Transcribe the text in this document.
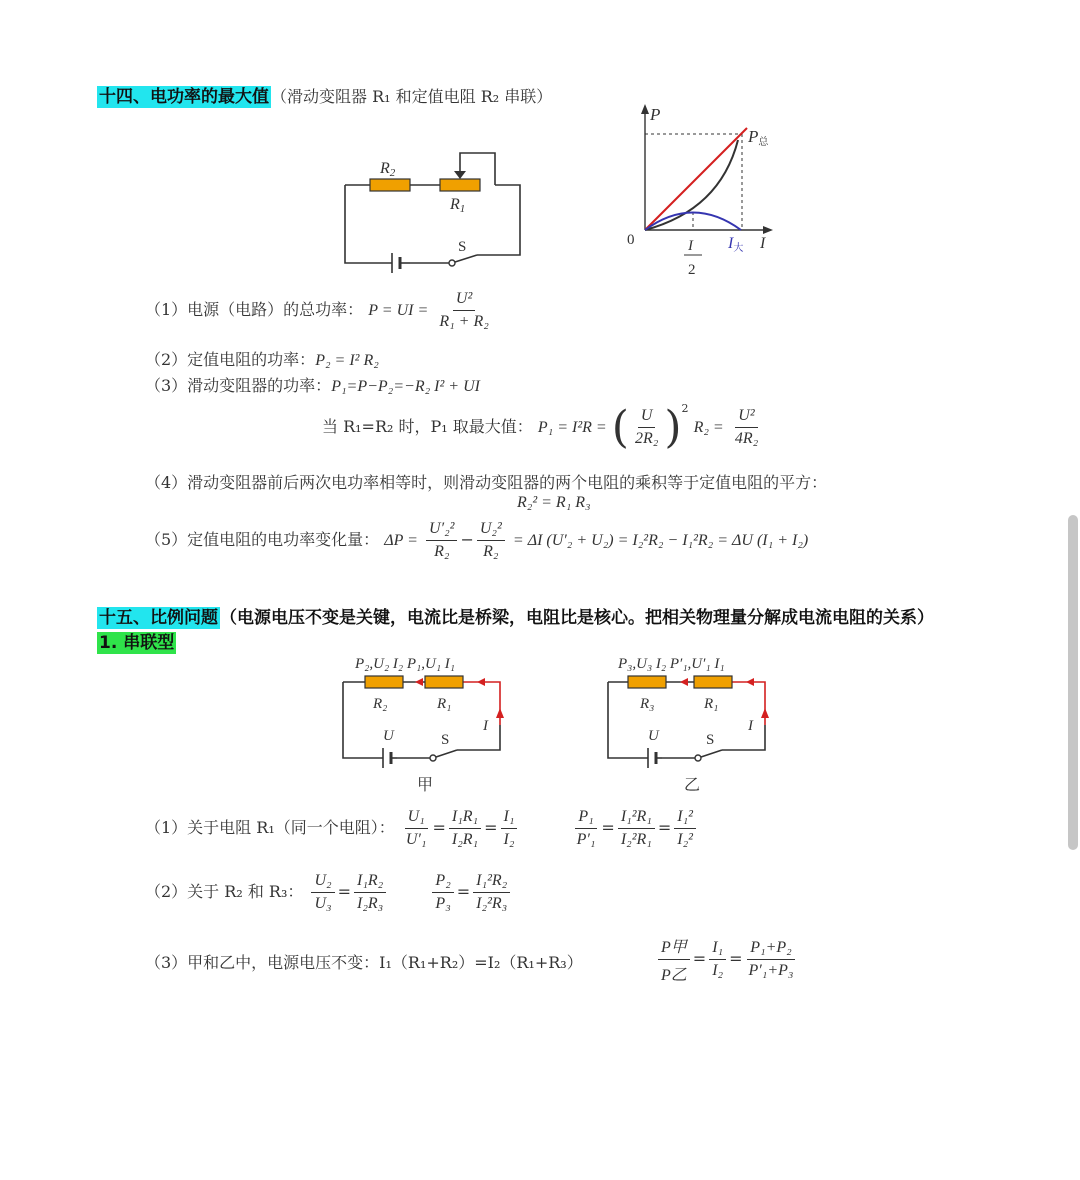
十四、电功率的最大值 （滑动变阻器 R₁ 和定值电阻 R₂ 串联）
R2
R1
S
P
P总
0	I
2
I大 I
（1）电源（电路）的总功率： P = UI = $\frac{\text{U²}}{\text{R₁ + R₂}}$
（2）定值电阻的功率：P₂ = I² R₂
（3）滑动变阻器的功率：P₁=P−P₂=−R₂ I² + UI
当 R₁=R₂ 时，P₁ 取最大值： P₁ = I²R = ( $\frac{U}{\text{2R₂}} )^2$ $R_2 = \frac{\text{U²}}{\text{4R₂}}$
（4）滑动变阻器前后两次电功率相等时，则滑动变阻器的两个电阻的乘积等于定值电阻的平方：
R₂² = R₁ R₃
（5）定值电阻的电功率变化量： $\Delta P = \frac{\text{U′₂²}}{\text{R₂}} - \frac{\text{U₂²}}{\text{R₂}} = \Delta I$ (U′₂ + U₂) = I₂²R₂ − I₁²R₂ = ΔU (I₁ + I₂)
十五、比例问题 （电源电压不变是关键，电流比是桥梁，电阻比是核心。把相关物理量分解成电流电阻的关系）
1. 串联型
P₂,U₂ I₂ P₁,U₁ I₁
R₂	R₁
I
U	S
甲
P₃,U₃ I₂ P′₁,U′₁ I₁
R₃	R₁
I
U	S
乙
（1）关于电阻 R₁（同一个电阻）： $\frac{\text{U₁}}{\text{U′₁}} = \frac{\text{I₁R₁}}{\text{I₂R₁}} = \frac{\text{I₁}}{\text{I₂}}$
	$\frac{\text{P₁}}{\text{P′₁}} = \frac{\text{I₁²R₁}}{\text{I₂²R₁}} = \frac{\text{I₁²}}{\text{I₂²}}$
（2）关于 R₂ 和 R₃： $\frac{\text{U₂}}{\text{U₃}} = \frac{\text{I₁R₂}}{\text{I₂R₃}}$
	$\frac{\text{P₂}}{\text{P₃}} = \frac{\text{I₁²R₂}}{\text{I₂²R₃}}$
（3）甲和乙中，电源电压不变：I₁（R₁+R₂）=I₂（R₁+R₃）	$\frac{\text{P甲}}{\text{P乙}} = \frac{\text{I₁}}{\text{I₂}} = \frac{\text{P₁+P₂}}{\text{P′₁+P₃}}$
